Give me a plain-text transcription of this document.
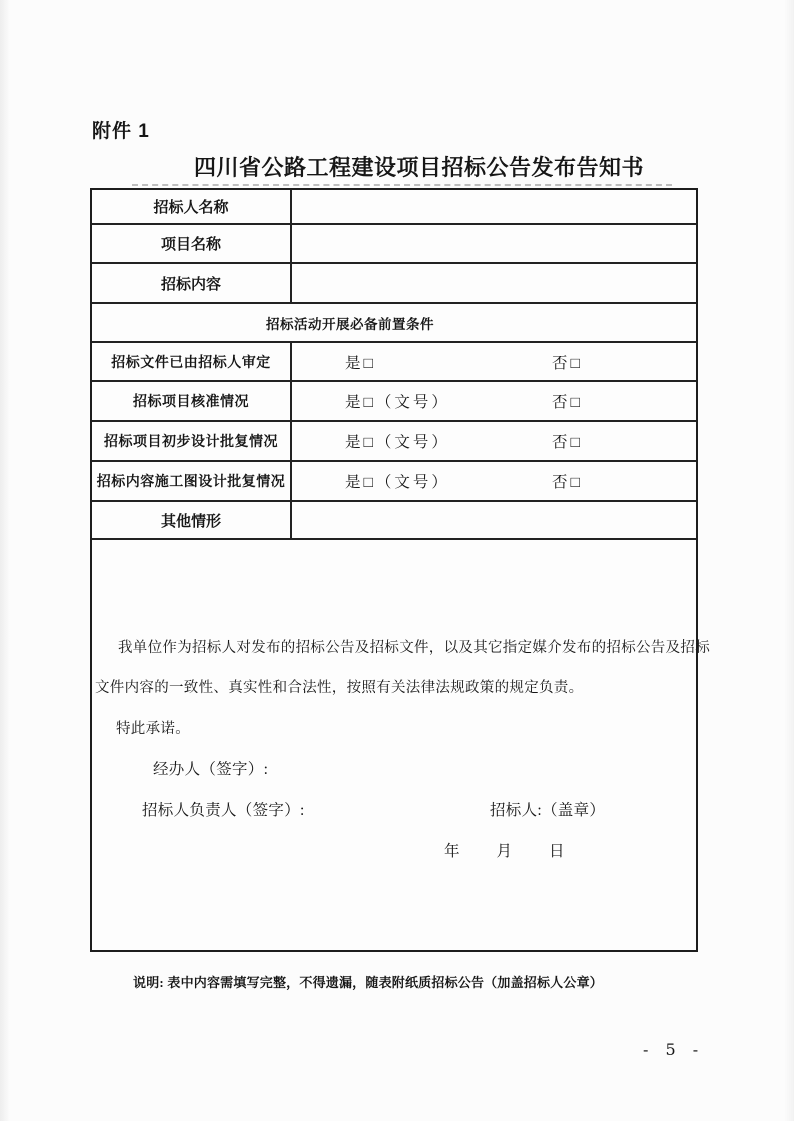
附件 1
四川省公路工程建设项目招标公告发布告知书
招标人名称
项目名称
招标内容
招标活动开展必备前置条件
招标文件已由招标人审定	是□	否□
招标项目核准情况	是□（文号）	否□
招标项目初步设计批复情况	是□（文号）	否□
招标内容施工图设计批复情况	是□（文号）	否□
其他情形
我单位作为招标人对发布的招标公告及招标文件，以及其它指定媒介发布的招标公告及招标
文件内容的一致性、真实性和合法性，按照有关法律法规政策的规定负责。
特此承诺。
经办人（签字）:
招标人负责人（签字）:	招标人:（盖章）
年　　月　　日
说明: 表中内容需填写完整，不得遗漏，随表附纸质招标公告（加盖招标人公章）
- 5 -
